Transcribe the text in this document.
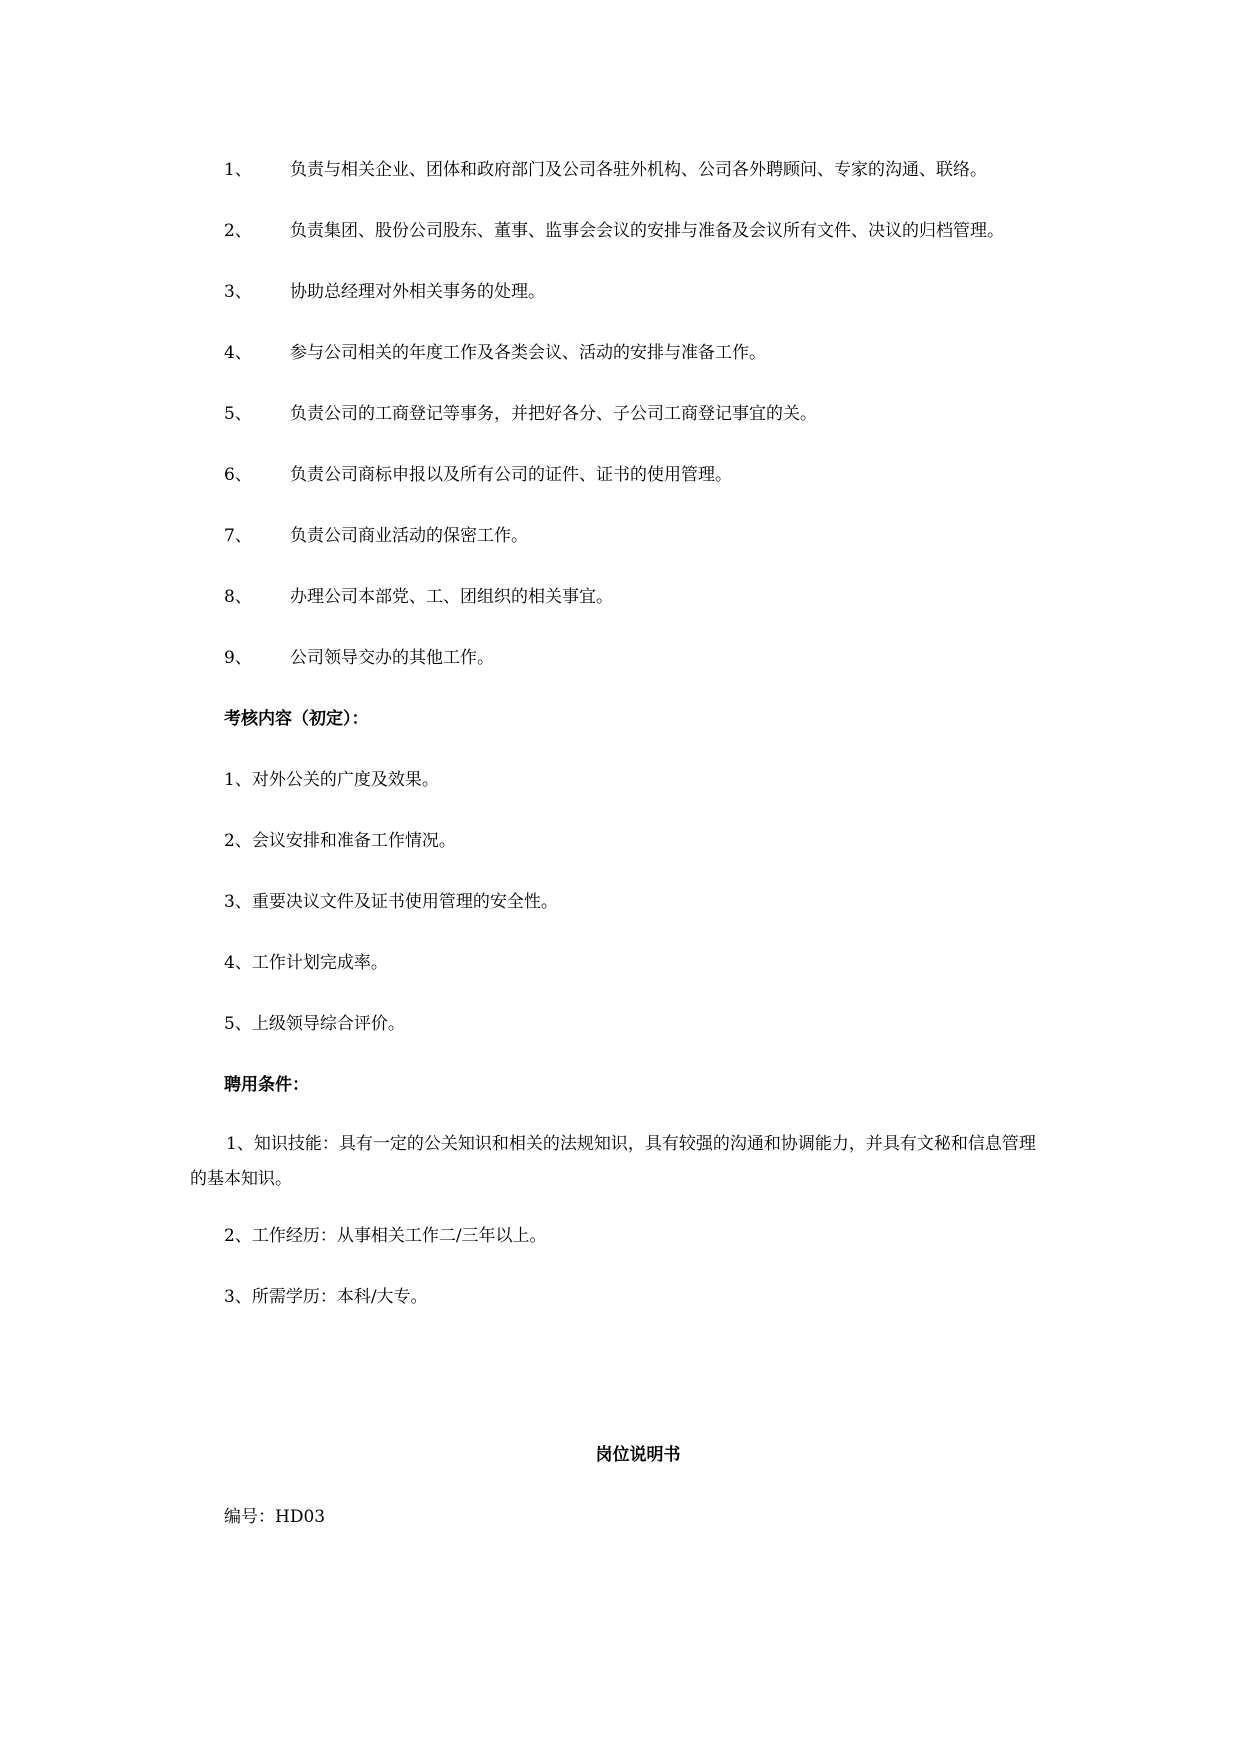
1、 负责与相关企业、团体和政府部门及公司各驻外机构、公司各外聘顾问、专家的沟通、联络。
2、 负责集团、股份公司股东、董事、监事会会议的安排与准备及会议所有文件、决议的归档管理。
3、 协助总经理对外相关事务的处理。
4、 参与公司相关的年度工作及各类会议、活动的安排与准备工作。
5、 负责公司的工商登记等事务，并把好各分、子公司工商登记事宜的关。
6、 负责公司商标申报以及所有公司的证件、证书的使用管理。
7、 负责公司商业活动的保密工作。
8、 办理公司本部党、工、团组织的相关事宜。
9、 公司领导交办的其他工作。
考核内容（初定）：
1、对外公关的广度及效果。
2、会议安排和准备工作情况。
3、重要决议文件及证书使用管理的安全性。
4、工作计划完成率。
5、上级领导综合评价。
聘用条件：
1、知识技能：具有一定的公关知识和相关的法规知识，具有较强的沟通和协调能力，并具有文秘和信息管理的基本知识。
2、工作经历：从事相关工作二/三年以上。
3、所需学历：本科/大专。
岗位说明书
编号：HD03
